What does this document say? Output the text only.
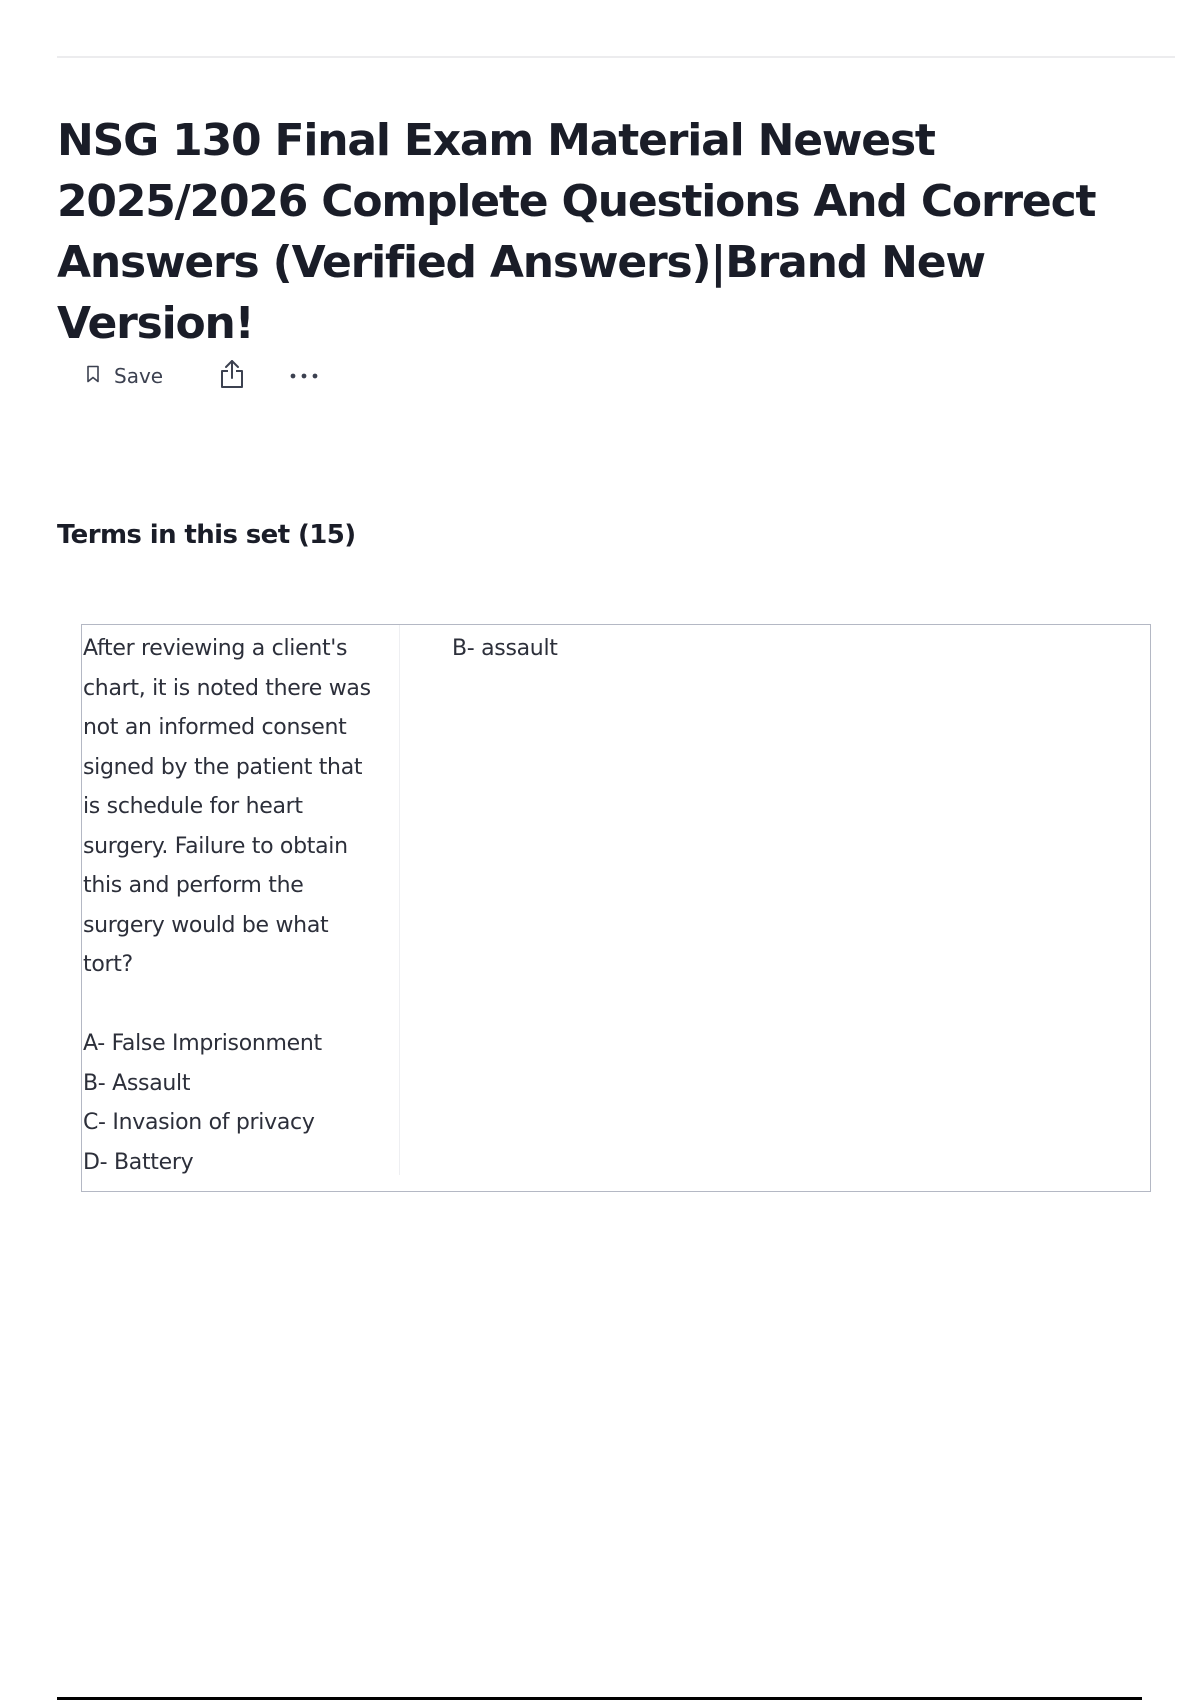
NSG 130 Final Exam Material Newest 2025/2026 Complete Questions And Correct Answers (Verified Answers)|Brand New Version!
Save
Terms in this set (15)
After reviewing a client's
chart, it is noted there was
not an informed consent
signed by the patient that
is schedule for heart
surgery. Failure to obtain
this and perform the
surgery would be what
tort?

A- False Imprisonment
B- Assault
C- Invasion of privacy
D- Battery
B- assault
